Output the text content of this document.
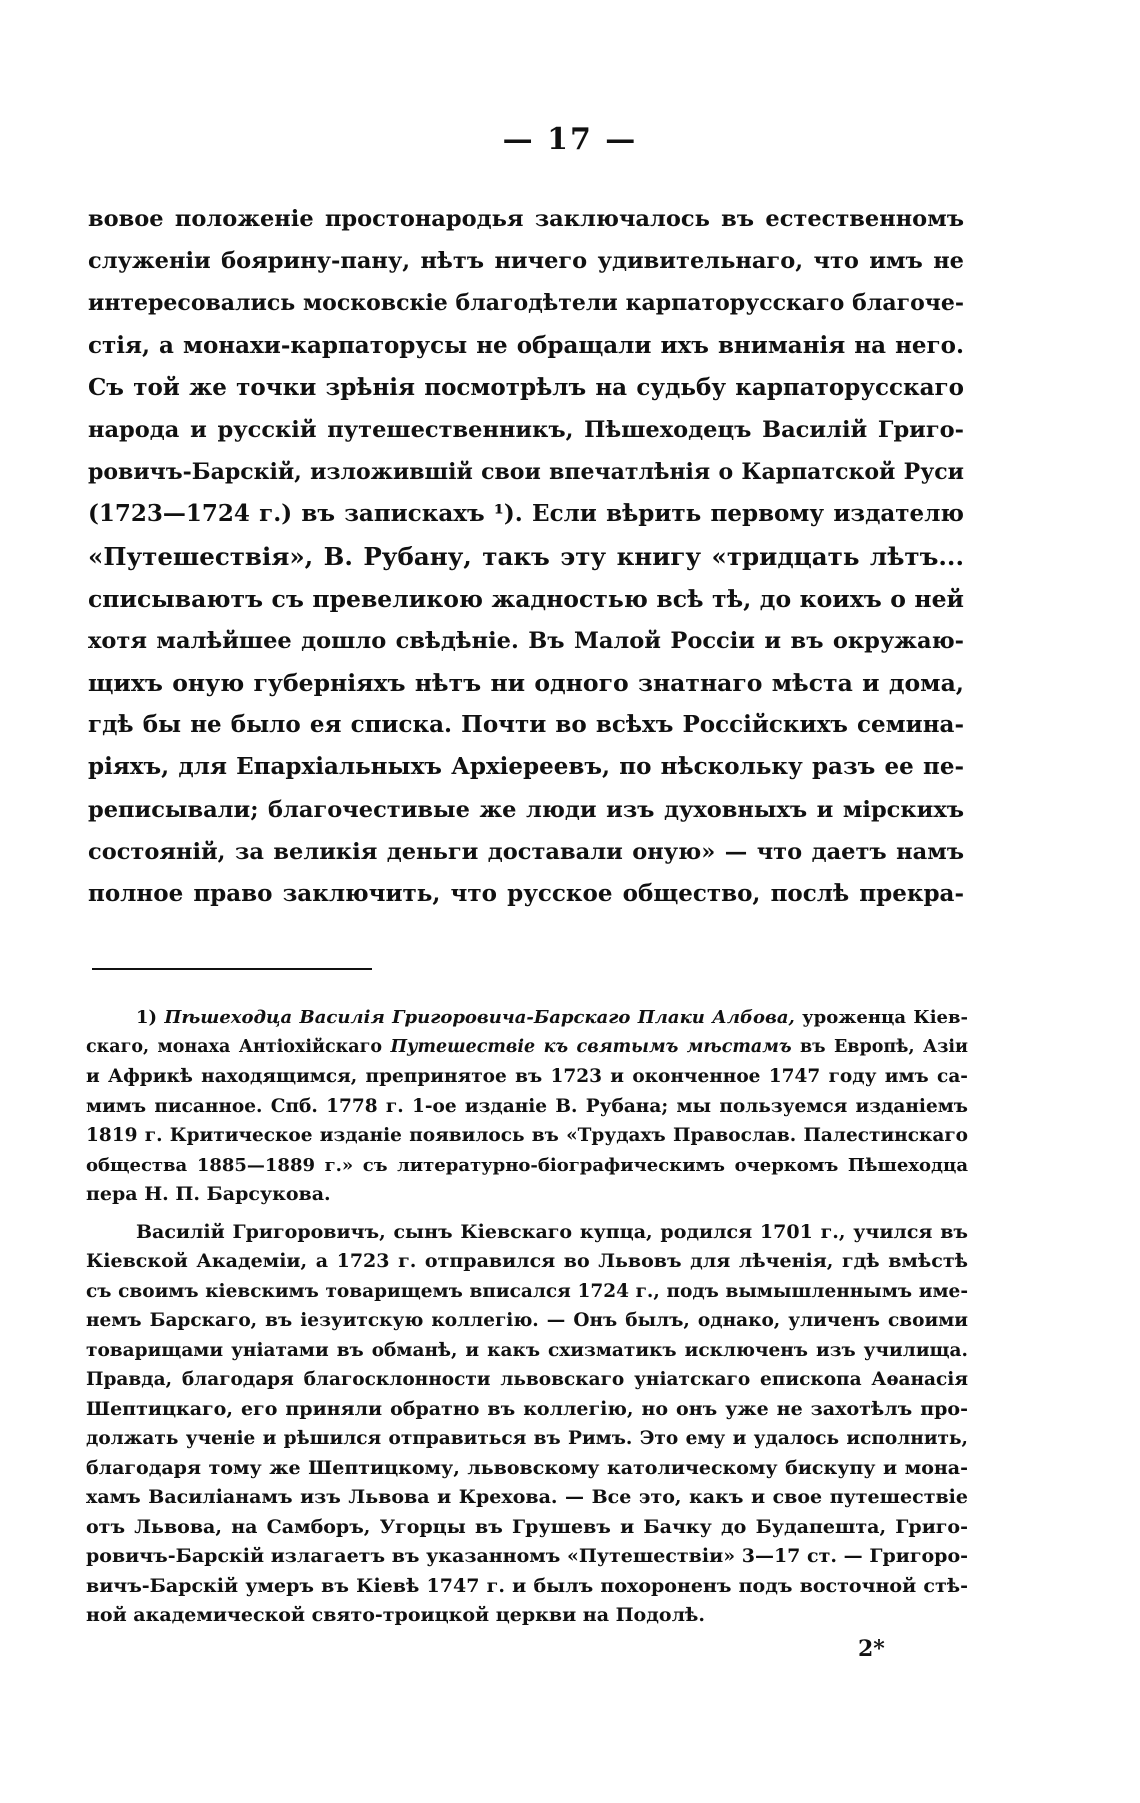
— 17 —
вовое положеніе простонародья заключалось въ естественномъ
служеніи боярину-пану, нѣтъ ничего удивительнаго, что имъ не
интересовались московскіе благодѣтели карпаторусскаго благоче-
стія, а монахи-карпаторусы не обращали ихъ вниманія на него.
Съ той же точки зрѣнія посмотрѣлъ на судьбу карпаторусскаго
народа и русскій путешественникъ, Пѣшеходецъ Василій Григо-
ровичъ-Барскій, изложившій свои впечатлѣнія о Карпатской Руси
(1723—1724 г.) въ запискахъ ¹). Если вѣрить первому издателю
«Путешествія», В. Рубану, такъ эту книгу «тридцать лѣтъ...
списываютъ съ превеликою жадностью всѣ тѣ, до коихъ о ней
хотя малѣйшее дошло свѣдѣніе. Въ Малой Россіи и въ окружаю-
щихъ оную губерніяхъ нѣтъ ни одного знатнаго мѣста и дома,
гдѣ бы не было ея списка. Почти во всѣхъ Россійскихъ семина-
ріяхъ, для Епархіальныхъ Архіереевъ, по нѣскольку разъ ее пе-
реписывали; благочестивые же люди изъ духовныхъ и мірскихъ
состояній, за великія деньги доставали оную» — что даетъ намъ
полное право заключить, что русское общество, послѣ прекра-
1) Пѣшеходца Василія Григоровича-Барскаго Плаки Албова, уроженца Кіев-
скаго, монаха Антіохійскаго Путешествіе къ святымъ мѣстамъ въ Европѣ, Азіи
и Африкѣ находящимся, препринятое въ 1723 и оконченное 1747 году имъ са-
мимъ писанное. Спб. 1778 г. 1-ое изданіе В. Рубана; мы пользуемся изданіемъ
1819 г. Критическое изданіе появилось въ «Трудахъ Православ. Палестинскаго
общества 1885—1889 г.» съ литературно-біографическимъ очеркомъ Пѣшеходца
пера Н. П. Барсукова.
Василій Григоровичъ, сынъ Кіевскаго купца, родился 1701 г., учился въ
Кіевской Академіи, а 1723 г. отправился во Львовъ для лѣченія, гдѣ вмѣстѣ
съ своимъ кіевскимъ товарищемъ вписался 1724 г., подъ вымышленнымъ име-
немъ Барскаго, въ іезуитскую коллегію. — Онъ былъ, однако, уличенъ своими
товарищами уніатами въ обманѣ, и какъ схизматикъ исключенъ изъ училища.
Правда, благодаря благосклонности львовскаго уніатскаго епископа Аѳанасія
Шептицкаго, его приняли обратно въ коллегію, но онъ уже не захотѣлъ про-
должать ученіе и рѣшился отправиться въ Римъ. Это ему и удалось исполнить,
благодаря тому же Шептицкому, львовскому католическому бискупу и мона-
хамъ Василіанамъ изъ Львова и Крехова. — Все это, какъ и свое путешествіе
отъ Львова, на Самборъ, Угорцы въ Грушевъ и Бачку до Будапешта, Григо-
ровичъ-Барскій излагаетъ въ указанномъ «Путешествіи» 3—17 ст. — Григоро-
вичъ-Барскій умеръ въ Кіевѣ 1747 г. и былъ похороненъ подъ восточной стѣ-
ной академической свято-троицкой церкви на Подолѣ.
2*
